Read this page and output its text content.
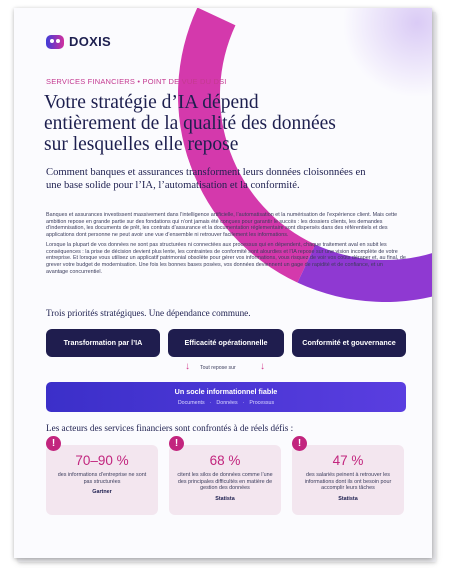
DOXIS
SERVICES FINANCIERS • POINT DE VUE DU DSI
Votre stratégie d’IA dépend entièrement de la qualité des données sur lesquelles elle repose
Comment banques et assurances transforment leurs données cloisonnées en une base solide pour l’IA, l’automatisation et la conformité.

Banques et assurances investissent massivement dans l’intelligence artificielle, l’automatisation et la numérisation de l’expérience client. Mais cette ambition repose en grande partie sur des fondations qui n’ont jamais été conçues pour garantir le succès : les dossiers clients, les demandes d’indemnisation, les documents de prêt, les contrats d’assurance et la documentation réglementaire sont dispersés dans des référentiels et des applications dont personne ne peut avoir une vue d’ensemble ni retrouver facilement les informations.

Lorsque la plupart de vos données ne sont pas structurées ni connectées aux processus qui en dépendent, chaque traitement aval en subit les conséquences : la prise de décision devient plus lente, les contraintes de conformité sont alourdies et l’IA repose sur une vision incomplète de votre entreprise. Et lorsque vous utilisez un applicatif patrimonial obsolète pour gérer vos informations, vous risquez de voir vos coûts déraper et, au final, de grever votre budget de modernisation. Une fois les bonnes bases posées, vos données deviennent un gage de rapidité et de confiance, et un avantage concurrentiel.

Trois priorités stratégiques. Une dépendance commune.
Transformation par l’IA	Efficacité opérationnelle	Conformité et gouvernance
↓ Tout repose sur ↓
Un socle informationnel fiable
Documents · Données · Processus
Les acteurs des services financiers sont confrontés à de réels défis :
70–90 %
des informations d’entreprise ne sont pas structurées
Gartner
!
68 %
citent les silos de données comme l’une des principales difficultés en matière de gestion des données
Statista
!
47 %
des salariés peinent à retrouver les informations dont ils ont besoin pour accomplir leurs tâches
Statista
!
